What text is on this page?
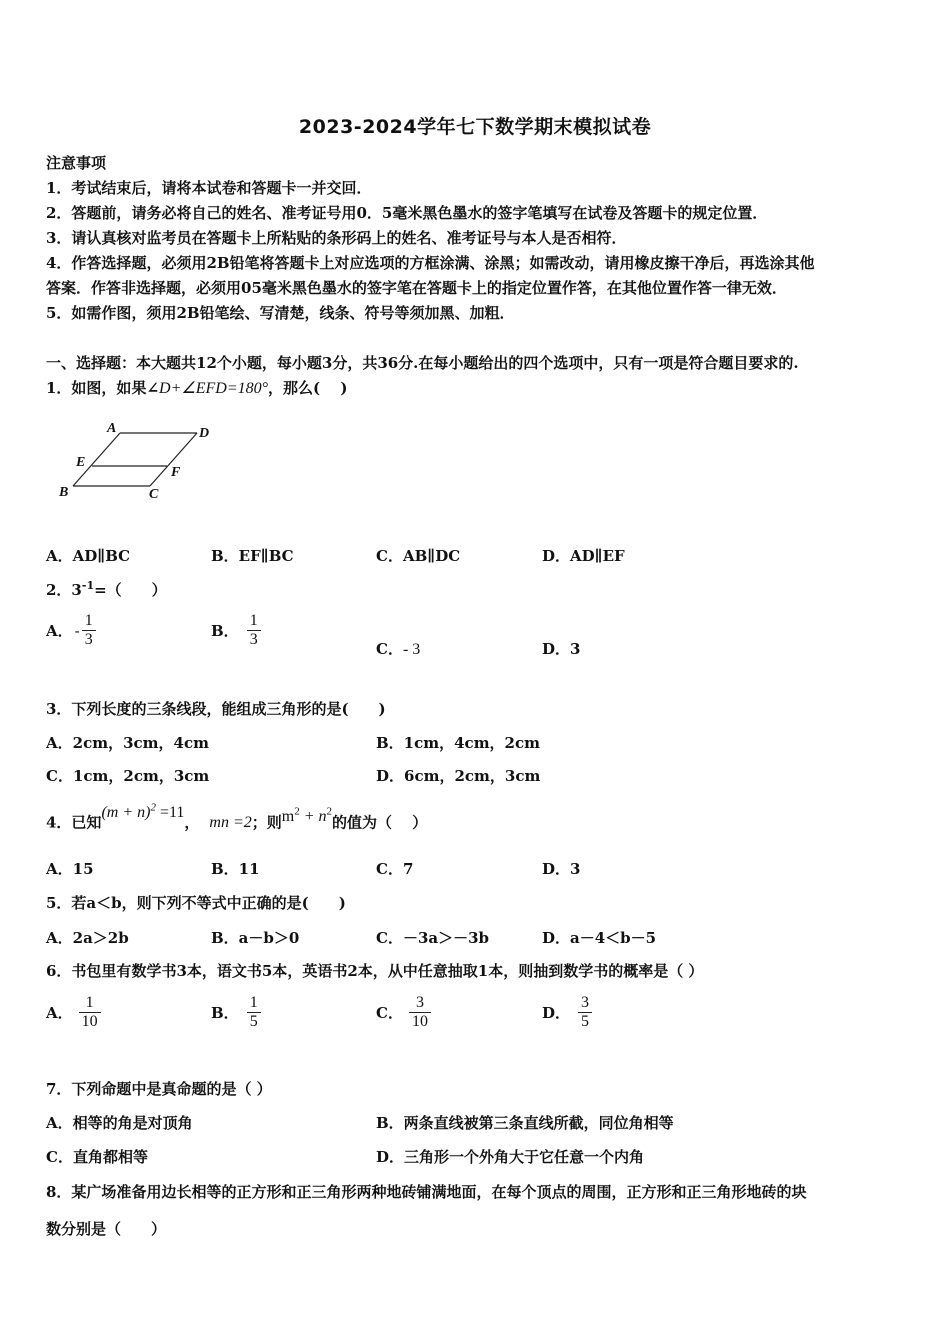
2023-2024学年七下数学期末模拟试卷
注意事项
1．考试结束后，请将本试卷和答题卡一并交回．
2．答题前，请务必将自己的姓名、准考证号用0．5毫米黑色墨水的签字笔填写在试卷及答题卡的规定位置．
3．请认真核对监考员在答题卡上所粘贴的条形码上的姓名、准考证号与本人是否相符．
4．作答选择题，必须用2B铅笔将答题卡上对应选项的方框涂满、涂黑；如需改动，请用橡皮擦干净后，再选涂其他
答案．作答非选择题，必须用05毫米黑色墨水的签字笔在答题卡上的指定位置作答，在其他位置作答一律无效．
5．如需作图，须用2B铅笔绘、写清楚，线条、符号等须加黑、加粗．
一、选择题：本大题共12个小题，每小题3分，共36分.在每小题给出的四个选项中，只有一项是符合题目要求的.
1．如图，如果∠D+∠EFD=180°，那么(　 )
A	D
E
F
B	C
A．AD∥BC	B．EF∥BC	C．AB∥DC	D．AD∥EF
2．$3^{-1}=$（　　）
A． - $\frac{1}{3}$	B． $\frac{1}{3}$	C．- 3	D．3
3．下列长度的三条线段，能组成三角形的是(　　)
A．2cm，3cm，4cm	B．1cm，4cm，2cm
C．1cm，2cm，3cm	D．6cm，2cm，3cm
4．已知$(m + n)^2 =11$， mn =2；则$m^2 + n^2$的值为（　 ）
A．15	B．11	C．7	D．3
5．若a＜b，则下列不等式中正确的是(　　)
A．2a＞2b	B．a－b＞0	C．－3a＞－3b	D．a－4＜b－5
6．书包里有数学书3本，语文书5本，英语书2本，从中任意抽取1本，则抽到数学书的概率是（ ）
A． $\frac{1}{10}$	B． $\frac{1}{5}$	C． $\frac{3}{10}$	D． $\frac{3}{5}$
7．下列命题中是真命题的是（ ）
A．相等的角是对顶角	B．两条直线被第三条直线所截，同位角相等
C．直角都相等	D．三角形一个外角大于它任意一个内角
8．某广场准备用边长相等的正方形和正三角形两种地砖铺满地面，在每个顶点的周围，正方形和正三角形地砖的块
数分别是（　　）
